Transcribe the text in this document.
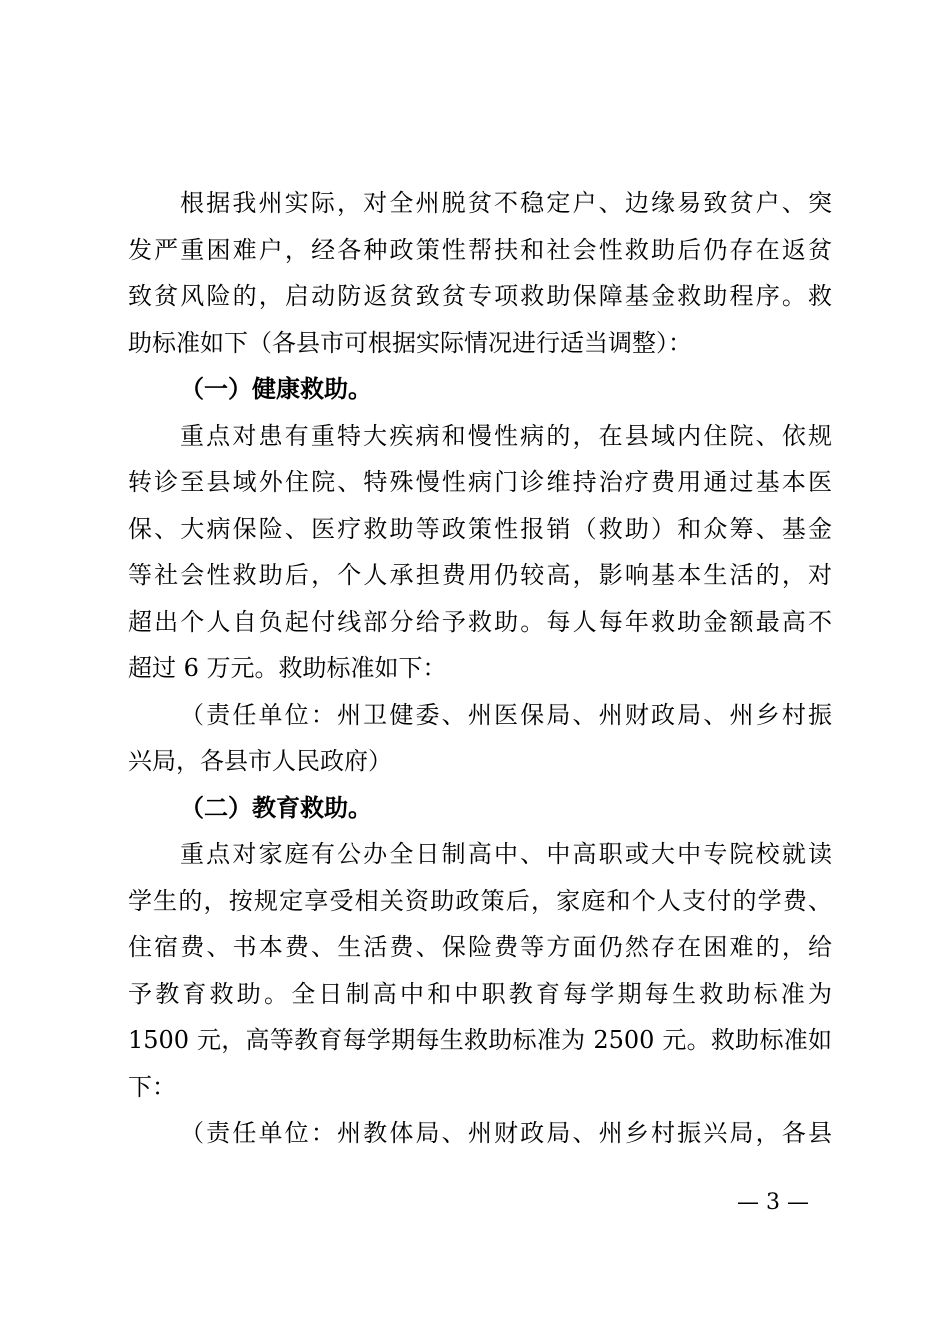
根据我州实际，对全州脱贫不稳定户、边缘易致贫户、突
发严重困难户，经各种政策性帮扶和社会性救助后仍存在返贫
致贫风险的，启动防返贫致贫专项救助保障基金救助程序。救
助标准如下（各县市可根据实际情况进行适当调整）：
（一）健康救助。
重点对患有重特大疾病和慢性病的，在县域内住院、依规
转诊至县域外住院、特殊慢性病门诊维持治疗费用通过基本医
保、大病保险、医疗救助等政策性报销（救助）和众筹、基金
等社会性救助后，个人承担费用仍较高，影响基本生活的，对
超出个人自负起付线部分给予救助。每人每年救助金额最高不
超过 6 万元。救助标准如下：
（责任单位：州卫健委、州医保局、州财政局、州乡村振
兴局，各县市人民政府）
（二）教育救助。
重点对家庭有公办全日制高中、中高职或大中专院校就读
学生的，按规定享受相关资助政策后，家庭和个人支付的学费、
住宿费、书本费、生活费、保险费等方面仍然存在困难的，给
予教育救助。全日制高中和中职教育每学期每生救助标准为
1500 元，高等教育每学期每生救助标准为 2500 元。救助标准如
下：
（责任单位：州教体局、州财政局、州乡村振兴局，各县
— 3 —
